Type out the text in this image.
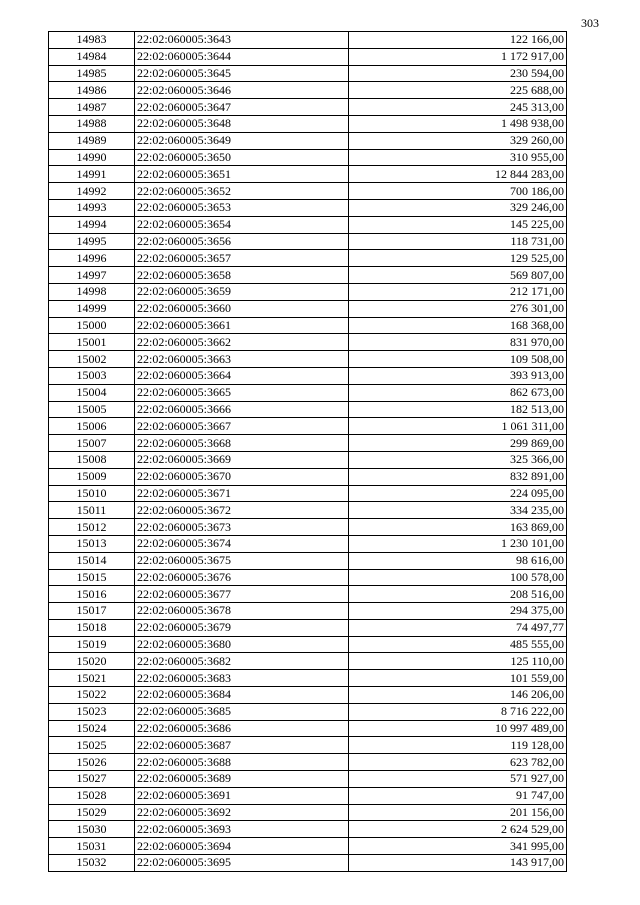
303
14983	22:02:060005:3643	122 166,00
14984	22:02:060005:3644	1 172 917,00
14985	22:02:060005:3645	230 594,00
14986	22:02:060005:3646	225 688,00
14987	22:02:060005:3647	245 313,00
14988	22:02:060005:3648	1 498 938,00
14989	22:02:060005:3649	329 260,00
14990	22:02:060005:3650	310 955,00
14991	22:02:060005:3651	12 844 283,00
14992	22:02:060005:3652	700 186,00
14993	22:02:060005:3653	329 246,00
14994	22:02:060005:3654	145 225,00
14995	22:02:060005:3656	118 731,00
14996	22:02:060005:3657	129 525,00
14997	22:02:060005:3658	569 807,00
14998	22:02:060005:3659	212 171,00
14999	22:02:060005:3660	276 301,00
15000	22:02:060005:3661	168 368,00
15001	22:02:060005:3662	831 970,00
15002	22:02:060005:3663	109 508,00
15003	22:02:060005:3664	393 913,00
15004	22:02:060005:3665	862 673,00
15005	22:02:060005:3666	182 513,00
15006	22:02:060005:3667	1 061 311,00
15007	22:02:060005:3668	299 869,00
15008	22:02:060005:3669	325 366,00
15009	22:02:060005:3670	832 891,00
15010	22:02:060005:3671	224 095,00
15011	22:02:060005:3672	334 235,00
15012	22:02:060005:3673	163 869,00
15013	22:02:060005:3674	1 230 101,00
15014	22:02:060005:3675	98 616,00
15015	22:02:060005:3676	100 578,00
15016	22:02:060005:3677	208 516,00
15017	22:02:060005:3678	294 375,00
15018	22:02:060005:3679	74 497,77
15019	22:02:060005:3680	485 555,00
15020	22:02:060005:3682	125 110,00
15021	22:02:060005:3683	101 559,00
15022	22:02:060005:3684	146 206,00
15023	22:02:060005:3685	8 716 222,00
15024	22:02:060005:3686	10 997 489,00
15025	22:02:060005:3687	119 128,00
15026	22:02:060005:3688	623 782,00
15027	22:02:060005:3689	571 927,00
15028	22:02:060005:3691	91 747,00
15029	22:02:060005:3692	201 156,00
15030	22:02:060005:3693	2 624 529,00
15031	22:02:060005:3694	341 995,00
15032	22:02:060005:3695	143 917,00
